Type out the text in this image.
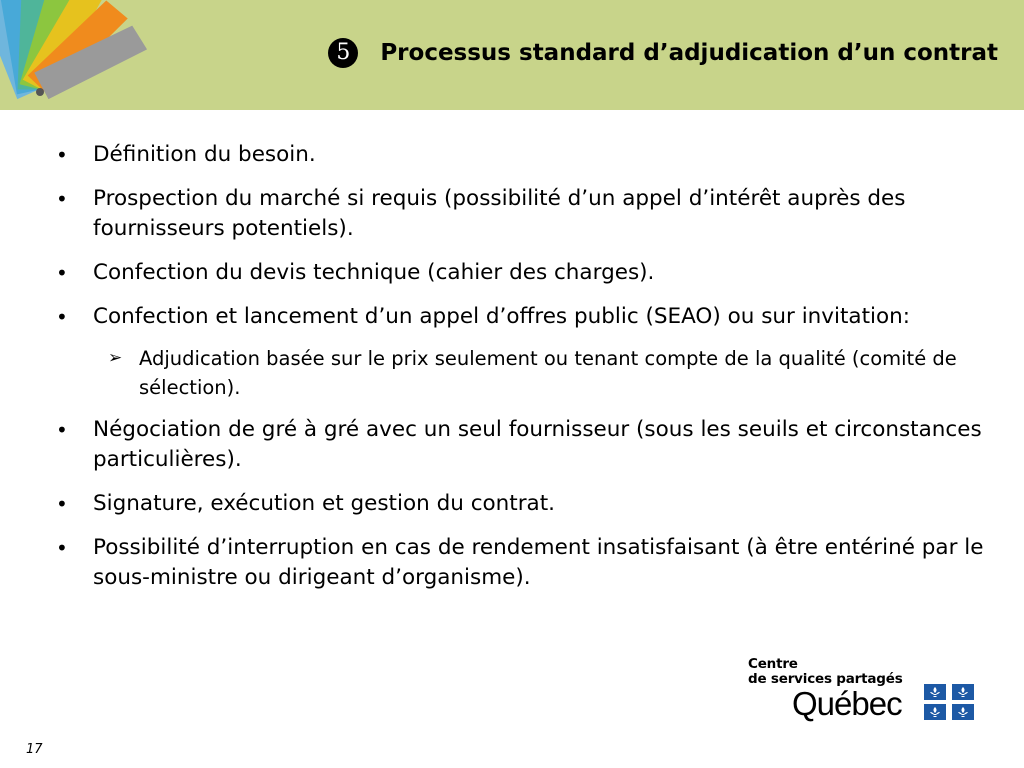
5	Processus standard d’adjudication d’un contrat
• Définition du besoin.
• Prospection du marché si requis (possibilité d’un appel d’intérêt auprès des fournisseurs potentiels).
• Confection du devis technique (cahier des charges).
• Confection et lancement d’un appel d’offres public (SEAO) ou sur invitation:
➢ Adjudication basée sur le prix seulement ou tenant compte de la qualité (comité de sélection).
• Négociation de gré à gré avec un seul fournisseur (sous les seuils et circonstances particulières).
• Signature, exécution et gestion du contrat.
• Possibilité d’interruption en cas de rendement insatisfaisant (à être entériné par le sous-ministre ou dirigeant d’organisme).
Centre
de services partagés
Québec
17
